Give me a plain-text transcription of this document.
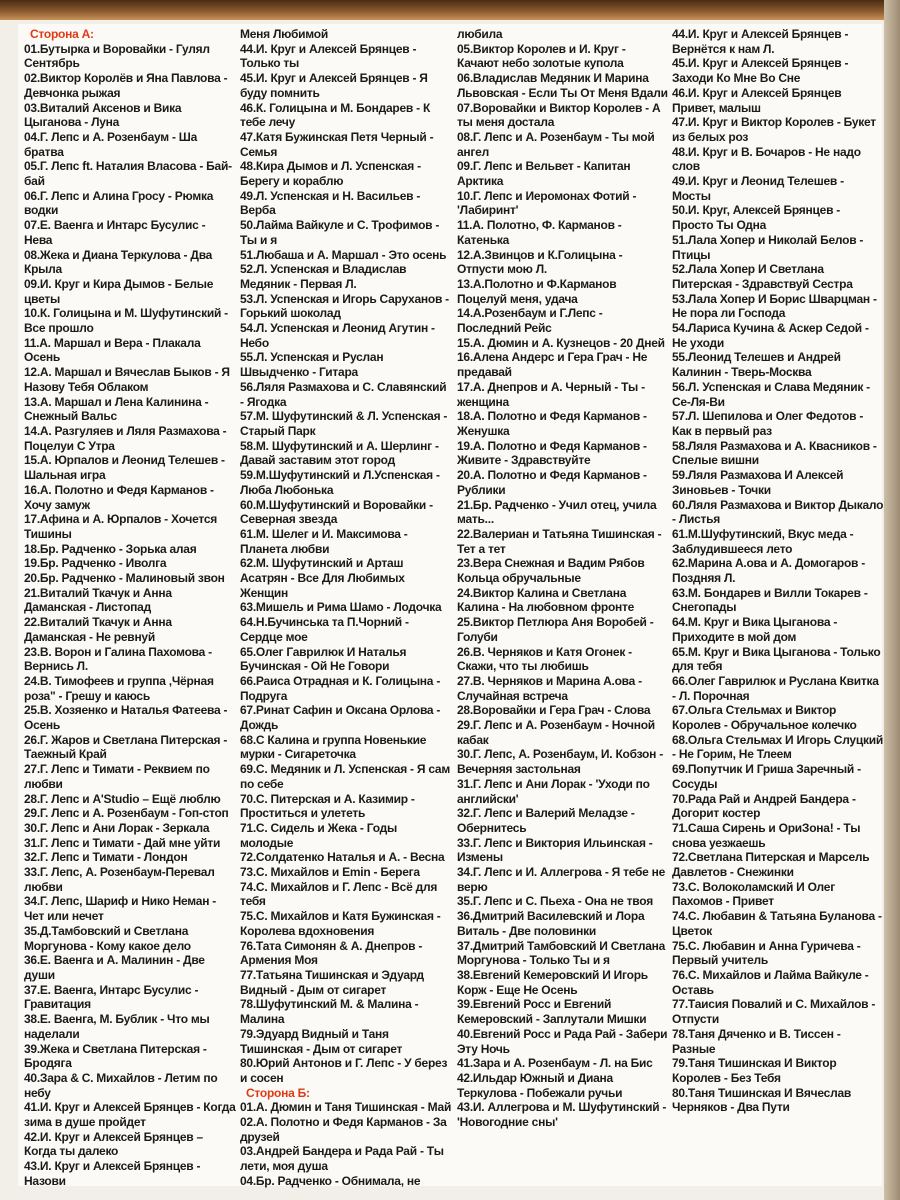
Сторона А:
01.Бутырка и Воровайки - Гулял Сентябрь
02.Виктор Королёв и Яна Павлова - Девчонка рыжая
03.Виталий Аксенов и Вика Цыганова - Луна
04.Г. Лепс и А. Розенбаум - Ша братва
05.Г. Лепс ft. Наталия Власова - Бай-бай
06.Г. Лепс и Алина Гросу - Рюмка водки
07.Е. Ваенга и Интарс Бусулис - Нева
08.Жека и Диана Теркулова - Два Крыла
09.И. Круг и Кира Дымов - Белые цветы
10.К. Голицына и М. Шуфутинский - Все прошло
11.А. Маршал и Вера - Плакала Осень
12.А. Маршал и Вячеслав Быков - Я Назову Тебя Облаком
13.А. Маршал и Лена Калинина - Снежный Вальс
14.А. Разгуляев и Ляля Размахова - Поцелуи С Утра
15.А. Юрпалов и Леонид Телешев - Шальная игра
16.А. Полотно и Федя Карманов - Хочу замуж
17.Афина и А. Юрпалов - Хочется Тишины
18.Бр. Радченко - Зорька алая
19.Бр. Радченко - Иволга
20.Бр. Радченко - Малиновый звон
21.Виталий Ткачук и Анна Даманская - Листопад
22.Виталий Ткачук и Анна Даманская - Не ревнуй
23.В. Ворон и Галина Пахомова - Вернись Л.
24.В. Тимофеев и группа ,Чёрная роза" - Грешу и каюсь
25.В. Хозяенко и Наталья Фатеева - Осень
26.Г. Жаров и Светлана Питерская - Таежный Край
27.Г. Лепс и Тимати - Реквием по любви
28.Г. Лепс и A'Studio – Ещё люблю
29.Г. Лепс и А. Розенбаум - Гоп-стоп
30.Г. Лепс и Ани Лорак - Зеркала
31.Г. Лепс и Тимати - Дай мне уйти
32.Г. Лепс и Тимати - Лондон
33.Г. Лепс, А. Розенбаум-Перевал любви
34.Г. Лепс, Шариф и Нико Неман - Чет или нечет
35.Д.Тамбовский и Светлана Моргунова - Кому какое дело
36.Е. Ваенга и А. Малинин - Две души
37.Е. Ваенга, Интарс Бусулис - Гравитация
38.Е. Ваенга, М. Бублик - Что мы наделали
39.Жека и Светлана Питерская - Бродяга
40.Зара & С. Михайлов - Летим по небу
41.И. Круг и Алексей Брянцев - Когда зима в душе пройдет
42.И. Круг и Алексей Брянцев – Когда ты далеко
43.И. Круг и Алексей Брянцев - Назови
Меня Любимой
44.И. Круг и Алексей Брянцев - Только ты
45.И. Круг и Алексей Брянцев - Я буду помнить
46.К. Голицына и М. Бондарев - К тебе лечу
47.Катя Бужинская Петя Черный - Семья
48.Кира Дымов и Л. Успенская - Берегу и кораблю
49.Л. Успенская и Н. Васильев - Верба
50.Лайма Вайкуле и С. Трофимов - Ты и я
51.Любаша и А. Маршал - Это осень
52.Л. Успенская и Владислав Медяник - Первая Л.
53.Л. Успенская и Игорь Саруханов - Горький шоколад
54.Л. Успенская и Леонид Агутин - Небо
55.Л. Успенская и Руслан Швыдченко - Гитара
56.Ляля Размахова и С. Славянский - Ягодка
57.М. Шуфутинский & Л. Успенская - Старый Парк
58.М. Шуфутинский и А. Шерлинг - Давай заставим этот город
59.М.Шуфутинский и Л.Успенская - Люба Любонька
60.М.Шуфутинский и Воровайки - Северная звезда
61.М. Шелег и И. Максимова - Планета любви
62.М. Шуфутинский и Арташ Асатрян - Все Для Любимых Женщин
63.Мишель и Рима Шамо - Лодочка
64.Н.Бучинська та П.Чорний - Сердце мое
65.Олег Гаврилюк И Наталья Бучинская - Ой Не Говори
66.Раиса Отрадная и К. Голицына - Подруга
67.Ринат Сафин и Оксана Орлова - Дождь
68.С Калина и группа Новенькие мурки - Сигареточка
69.С. Медяник и Л. Успенская - Я сам по себе
70.С. Питерская и А. Казимир - Проститься и улететь
71.С. Сидель и Жека - Годы молодые
72.Солдатенко Наталья и А. - Весна
73.С. Михайлов и Emin - Берега
74.С. Михайлов и Г. Лепс - Всё для тебя
75.С. Михайлов и Катя Бужинская - Королева вдохновения
76.Тата Симонян & А. Днепров - Армения Моя
77.Татьяна Тишинская и Эдуард Видный - Дым от сигарет
78.Шуфутинский М. & Малина - Малина
79.Эдуард Видный и Таня Тишинская - Дым от сигарет
80.Юрий Антонов и Г. Лепс - У берез и сосен
Сторона Б:
01.А. Дюмин и Таня Тишинская - Май
02.А. Полотно и Федя Карманов - За друзей
03.Андрей Бандера и Рада Рай - Ты лети, моя душа
04.Бр. Радченко - Обнимала, не
любила
05.Виктор Королев и И. Круг - Качают небо золотые купола
06.Владислав Медяник И Марина Львовская - Если Ты От Меня Вдали
07.Воровайки и Виктор Королев - А ты меня достала
08.Г. Лепс и А. Розенбаум - Ты мой ангел
09.Г. Лепс и Вельвет - Капитан Арктика
10.Г. Лепс и Иеромонах Фотий - 'Лабиринт'
11.А. Полотно, Ф. Карманов - Катенька
12.А.Звинцов и К.Голицына - Отпусти мою Л.
13.А.Полотно и Ф.Карманов Поцелуй меня, удача
14.А.Розенбаум и Г.Лепс - Последний Рейс
15.А. Дюмин и А. Кузнецов - 20 Дней
16.Алена Андерс и Гера Грач - Не предавай
17.А. Днепров и А. Черный - Ты - женщина
18.А. Полотно и Федя Карманов - Женушка
19.А. Полотно и Федя Карманов - Живите - Здравствуйте
20.А. Полотно и Федя Карманов - Рублики
21.Бр. Радченко - Учил отец, учила мать...
22.Валериан и Татьяна Тишинская - Тет а тет
23.Вера Снежная и Вадим Рябов Кольца обручальные
24.Виктор Калина и Светлана Калина - На любовном фронте
25.Виктор Петлюра Аня Воробей - Голуби
26.В. Черняков и Катя Огонек - Скажи, что ты любишь
27.В. Черняков и Марина А.ова - Случайная встреча
28.Воровайки и Гера Грач - Слова
29.Г. Лепс и А. Розенбаум - Ночной кабак
30.Г. Лепс, А. Розенбаум, И. Кобзон - Вечерняя застольная
31.Г. Лепс и Ани Лорак - 'Уходи по английски'
32.Г. Лепс и Валерий Меладзе - Обернитесь
33.Г. Лепс и Виктория Ильинская - Измены
34.Г. Лепс и И. Аллегрова - Я тебе не верю
35.Г. Лепс и С. Пьеха - Она не твоя
36.Дмитрий Василевский и Лора Виталь - Две половинки
37.Дмитрий Тамбовский И Светлана Моргунова - Только Ты и я
38.Евгений Кемеровский И Игорь Корж - Еще Не Осень
39.Евгений Росс и Евгений Кемеровский - Заплутали Мишки
40.Евгений Росс и Рада Рай - Забери Эту Ночь
41.Зара и А. Розенбаум - Л. на Бис
42.Ильдар Южный и Диана Теркулова - Побежали ручьи
43.И. Аллегрова и М. Шуфутинский - 'Новогодние сны'
44.И. Круг и Алексей Брянцев - Вернётся к нам Л.
45.И. Круг и Алексей Брянцев - Заходи Ко Мне Во Сне
46.И. Круг и Алексей Брянцев Привет, малыш
47.И. Круг и Виктор Королев - Букет из белых роз
48.И. Круг и В. Бочаров - Не надо слов
49.И. Круг и Леонид Телешев - Мосты
50.И. Круг, Алексей Брянцев - Просто Ты Одна
51.Лала Хопер и Николай Белов - Птицы
52.Лала Хопер И Светлана Питерская - Здравствуй Сестра
53.Лала Хопер И Борис Шварцман - Не пора ли Господа
54.Лариса Кучина & Аскер Седой - Не уходи
55.Леонид Телешев и Андрей Калинин - Тверь-Москва
56.Л. Успенская и Слава Медяник - Се-Ля-Ви
57.Л. Шепилова и Олег Федотов - Как в первый раз
58.Ляля Размахова и А. Квасников - Спелые вишни
59.Ляля Размахова И Алексей Зиновьев - Точки
60.Ляля Размахова и Виктор Дыкало - Листья
61.М.Шуфутинский, Вкус меда - Заблудившееся лето
62.Марина А.ова и А. Домогаров - Поздняя Л.
63.М. Бондарев и Вилли Токарев - Снегопады
64.М. Круг и Вика Цыганова - Приходите в мой дом
65.М. Круг и Вика Цыганова - Только для тебя
66.Олег Гаврилюк и Руслана Квитка - Л. Порочная
67.Ольга Стельмах и Виктор Королев - Обручальное колечко
68.Ольга Стельмах И Игорь Слуцкий - Не Горим, Не Тлеем
69.Попутчик И Гриша Заречный - Сосуды
70.Рада Рай и Андрей Бандера - Догорит костер
71.Саша Сирень и ОриЗона! - Ты снова уезжаешь
72.Светлана Питерская и Марсель Давлетов - Снежинки
73.С. Волоколамский И Олег Пахомов - Привет
74.С. Любавин & Татьяна Буланова - Цветок
75.С. Любавин и Анна Гуричева - Первый учитель
76.С. Михайлов и Лайма Вайкуле - Оставь
77.Таисия Повалий и С. Михайлов - Отпусти
78.Таня Дяченко и В. Тиссен - Разные
79.Таня Тишинская И Виктор Королев - Без Тебя
80.Таня Тишинская И Вячеслав Черняков - Два Пути
